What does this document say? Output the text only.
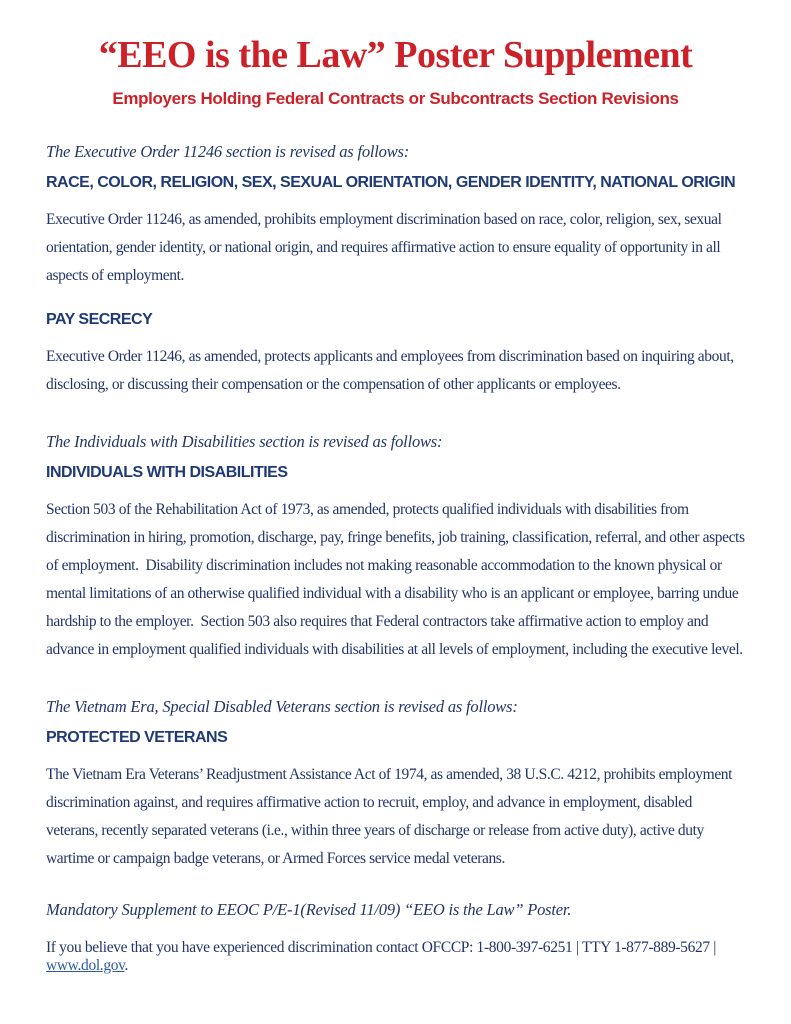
“EEO is the Law” Poster Supplement
Employers Holding Federal Contracts or Subcontracts Section Revisions

The Executive Order 11246 section is revised as follows:

RACE, COLOR, RELIGION, SEX, SEXUAL ORIENTATION, GENDER IDENTITY, NATIONAL ORIGIN

Executive Order 11246, as amended, prohibits employment discrimination based on race, color, religion, sex, sexual orientation, gender identity, or national origin, and requires affirmative action to ensure equality of opportunity in all aspects of employment.

PAY SECRECY

Executive Order 11246, as amended, protects applicants and employees from discrimination based on inquiring about, disclosing, or discussing their compensation or the compensation of other applicants or employees.

The Individuals with Disabilities section is revised as follows:

INDIVIDUALS WITH DISABILITIES

Section 503 of the Rehabilitation Act of 1973, as amended, protects qualified individuals with disabilities from discrimination in hiring, promotion, discharge, pay, fringe benefits, job training, classification, referral, and other aspects of employment.  Disability discrimination includes not making reasonable accommodation to the known physical or mental limitations of an otherwise qualified individual with a disability who is an applicant or employee, barring undue hardship to the employer.  Section 503 also requires that Federal contractors take affirmative action to employ and advance in employment qualified individuals with disabilities at all levels of employment, including the executive level.

The Vietnam Era, Special Disabled Veterans section is revised as follows:

PROTECTED VETERANS

The Vietnam Era Veterans’ Readjustment Assistance Act of 1974, as amended, 38 U.S.C. 4212, prohibits employment discrimination against, and requires affirmative action to recruit, employ, and advance in employment, disabled veterans, recently separated veterans (i.e., within three years of discharge or release from active duty), active duty wartime or campaign badge veterans, or Armed Forces service medal veterans.

Mandatory Supplement to EEOC P/E-1(Revised 11/09) “EEO is the Law” Poster.

If you believe that you have experienced discrimination contact OFCCP: 1-800-397-6251 | TTY 1-877-889-5627 | www.dol.gov.
